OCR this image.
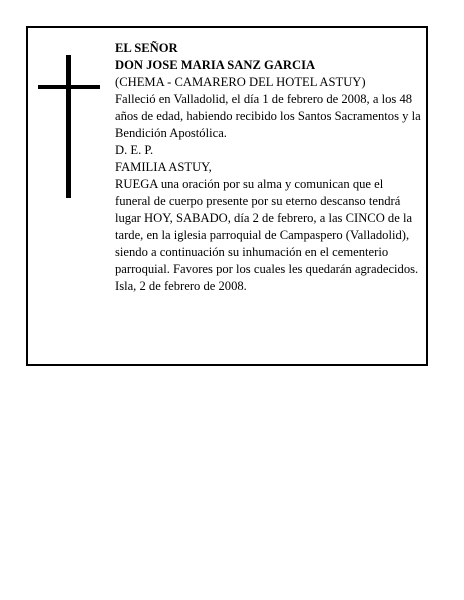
EL SEÑOR

DON JOSE MARIA SANZ GARCIA

(CHEMA - CAMARERO DEL HOTEL ASTUY)

Falleció en Valladolid, el día 1 de febrero de 2008, a los 48 años de edad, habiendo recibido los Santos Sacramentos y la Bendición Apostólica.

D. E. P.

FAMILIA ASTUY,

RUEGA una oración por su alma y comunican que el funeral de cuerpo presente por su eterno descanso tendrá lugar HOY, SABADO, día 2 de febrero, a las CINCO de la tarde, en la iglesia parroquial de Campaspero (Valladolid), siendo a continuación su inhumación en el cementerio parroquial. Favores por los cuales les quedarán agradecidos.

Isla, 2 de febrero de 2008.
